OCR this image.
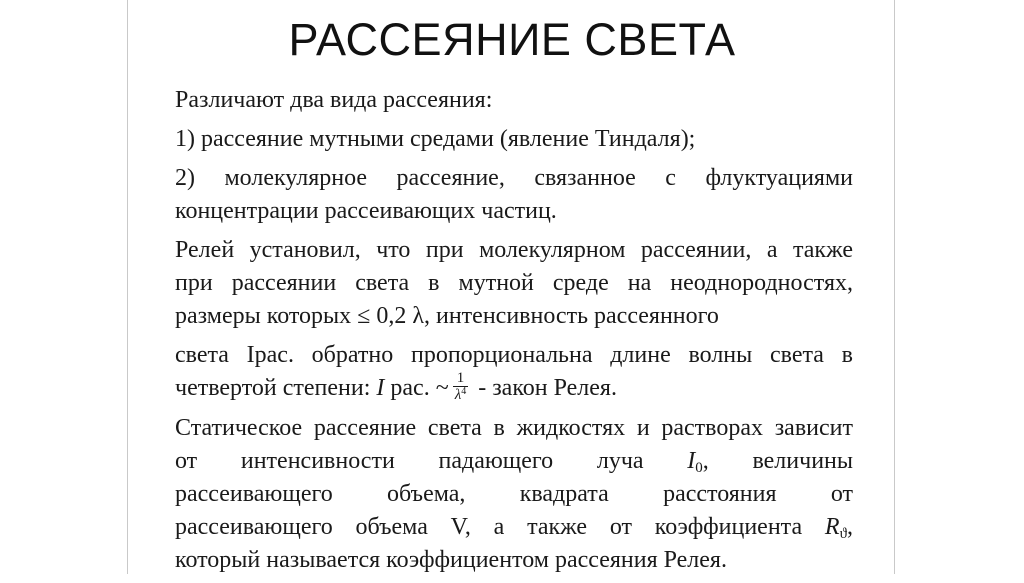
РАССЕЯНИЕ СВЕТА

Различают два вида рассеяния:

1) рассеяние мутными средами (явление Тиндаля);

2) молекулярное рассеяние, связанное с флуктуациями
концентрации рассеивающих частиц.
Релей установил, что при молекулярном рассеянии, а также
при рассеянии света в мутной среде на неоднородностях,
размеры которых ≤ 0,2 λ, интенсивность рассеянного
света Iрас. обратно пропорциональна длине волны света в
четвертой степени: I рас. ~ $\frac{1}{\lambda^4}$ - закон Релея.
Статическое рассеяние света в жидкостях и растворах зависит
от интенсивности падающего луча $I_0$, величины
рассеивающего объема, квадрата расстояния от
рассеивающего объема V, а также от коэффициента $R_ϑ$,
который называется коэффициентом рассеяния Релея.
